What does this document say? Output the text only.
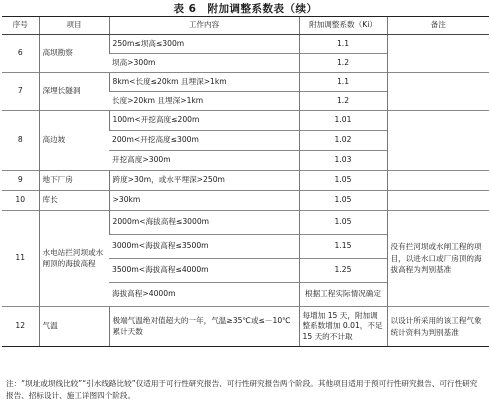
表 6　附加调整系数表（续）
序号	项目	工作内容	附加调整系数（Ki）	备注
6	高坝勘察	250m≤坝高≤300m	1.1	
		坝高>300m	1.2	
7	深埋长隧洞	8km<长度≤20km 且埋深>1km	1.1	
		长度>20km 且埋深>1km	1.2	
8	高边坡	100m<开挖高度≤200m	1.01	
		200m<开挖高度≤300m	1.02	
		开挖高度>300m	1.03	
9	地下厂房	跨度>30m，或水平埋深>250m	1.05	
10	库长	>30km	1.05	
11	水电站拦河坝或水闸顶的海拔高程	2000m<海拔高程≤3000m	1.05	没有拦河坝或水闸工程的项目，以进水口或厂房顶的海拔高程为判别基准
		3000m<海拔高程≤3500m	1.15	
		3500m<海拔高程≤4000m	1.25	
		海拔高程>4000m	根据工程实际情况确定	
12	气温	极端气温绝对值超大的一年，气温≥35℃或≤－10℃累计天数	每增加 15 天，附加调整系数增加 0.01，不足 15 天的不计取	以设计所采用的该工程气象统计资料为判别基准
注：“坝址或坝线比较”“引水线路比较”仅适用于可行性研究报告、可行性研究报告两个阶段。其他项目适用于预可行性研究报告、可行性研究报告、招标设计、施工详图四个阶段。
